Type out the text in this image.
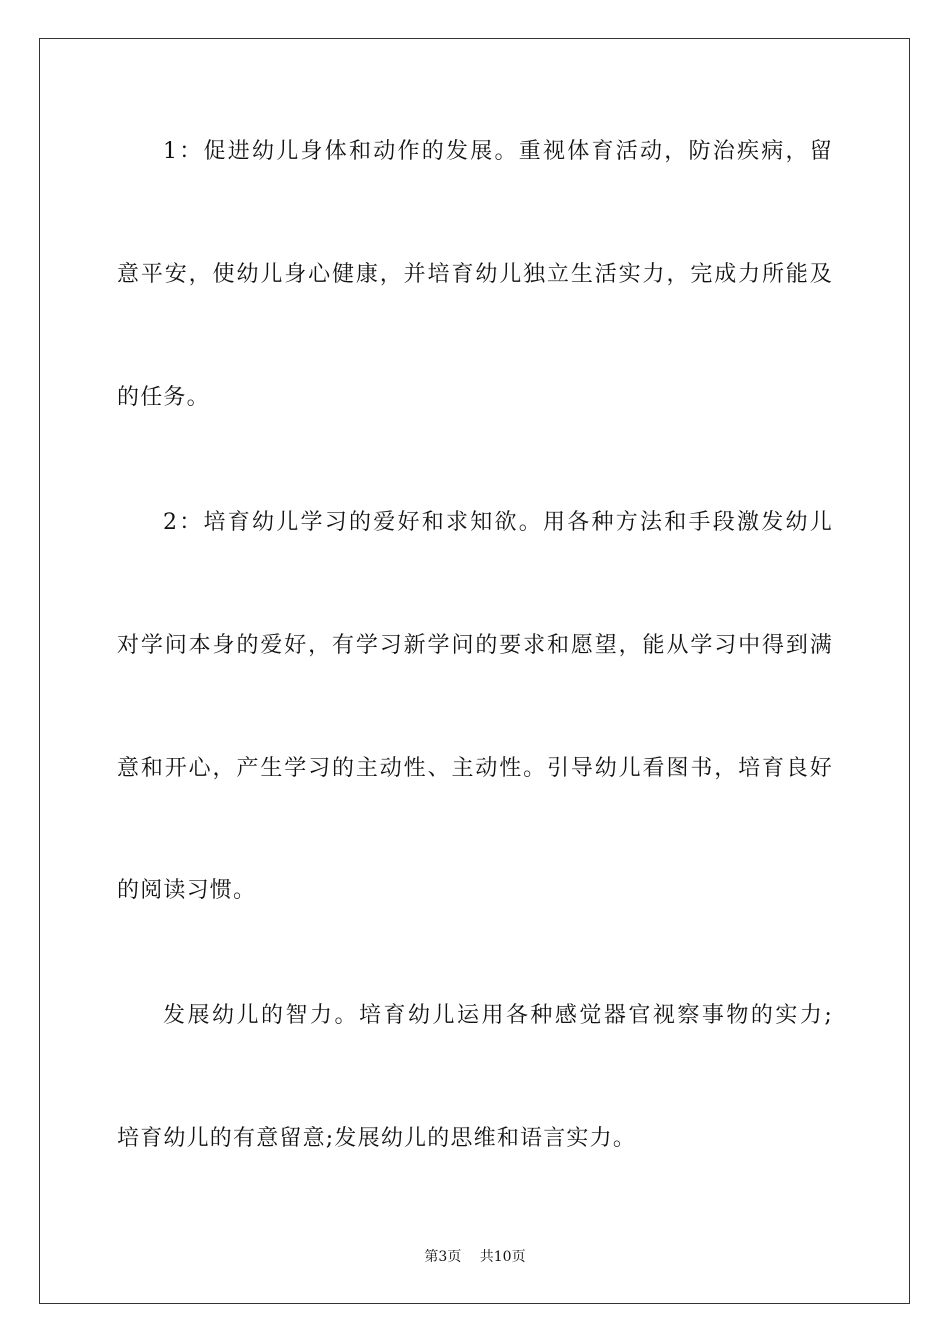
1：促进幼儿身体和动作的发展。重视体育活动，防治疾病，留
意平安，使幼儿身心健康，并培育幼儿独立生活实力，完成力所能及
的任务。
2：培育幼儿学习的爱好和求知欲。用各种方法和手段激发幼儿
对学问本身的爱好，有学习新学问的要求和愿望，能从学习中得到满
意和开心，产生学习的主动性、主动性。引导幼儿看图书，培育良好
的阅读习惯。
发展幼儿的智力。培育幼儿运用各种感觉器官视察事物的实力;
培育幼儿的有意留意;发展幼儿的思维和语言实力。
第3页　 共10页
